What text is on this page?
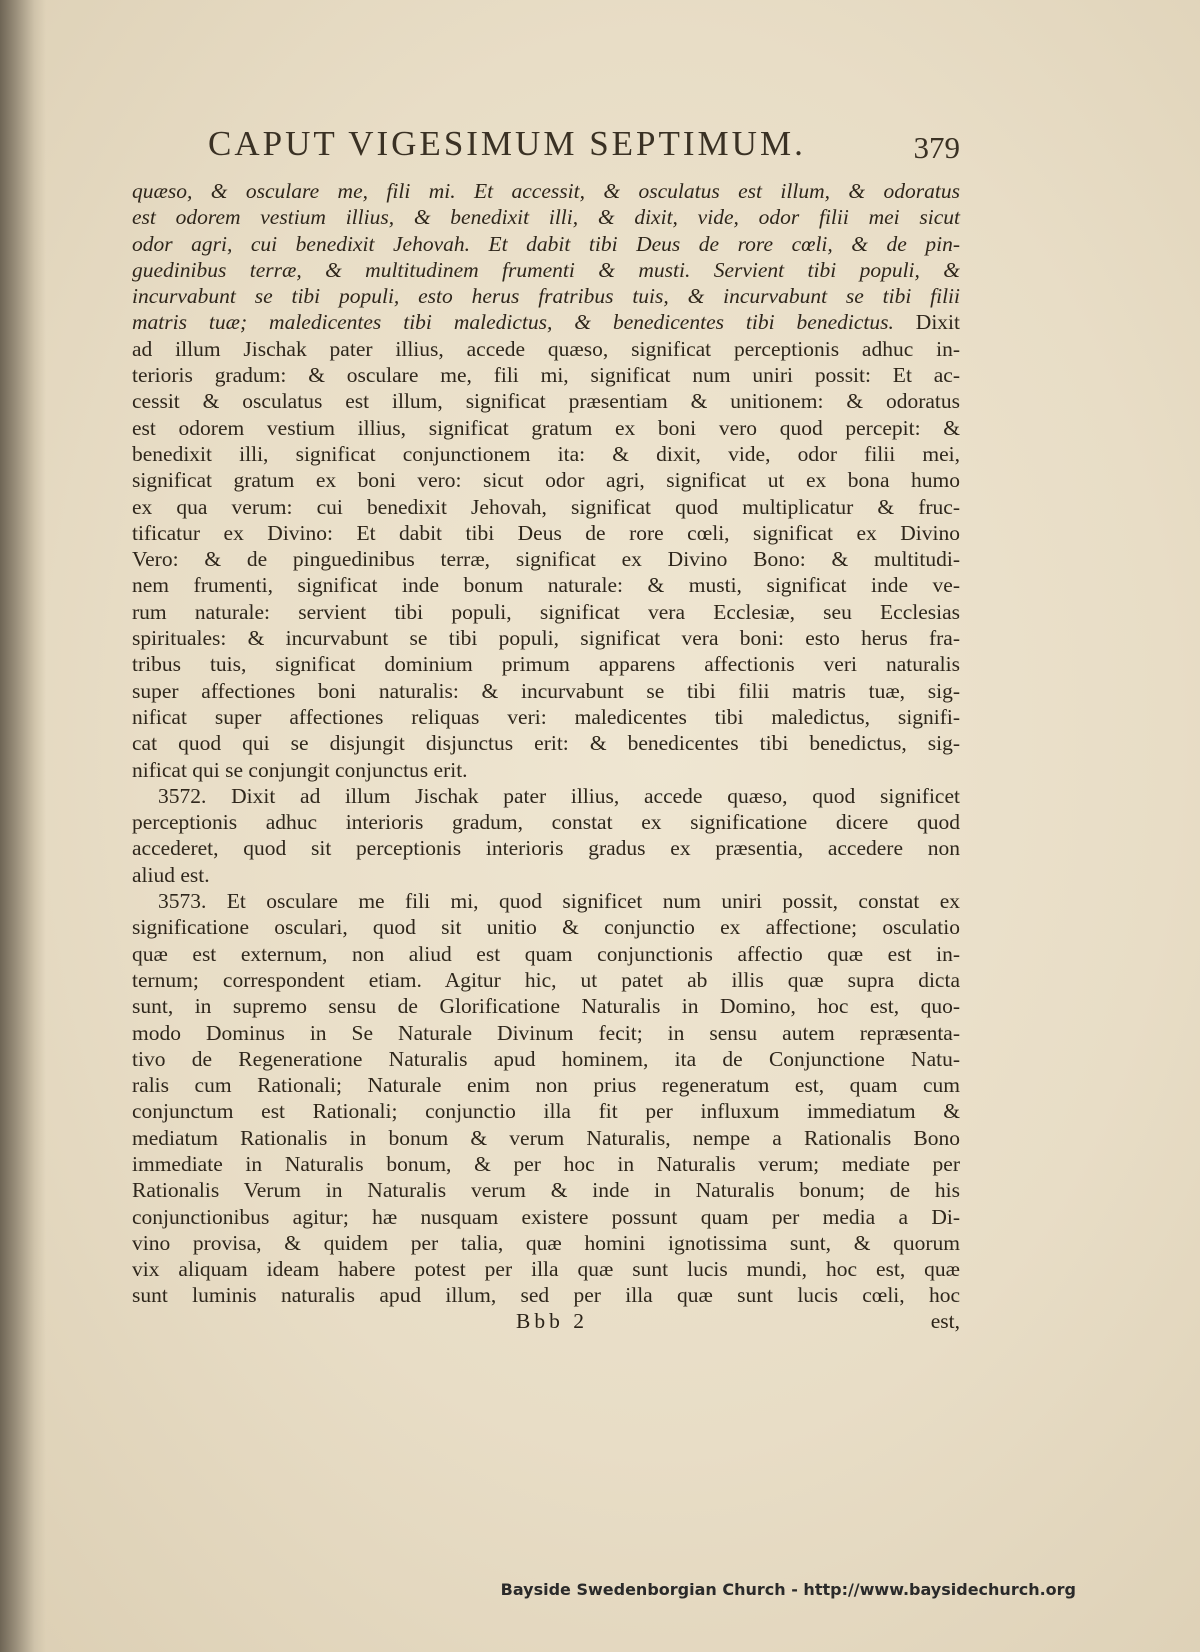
CAPUT VIGESIMUM SEPTIMUM.	379
quæso, & osculare me, fili mi. Et accessit, & osculatus est illum, & odoratus
est odorem vestium illius, & benedixit illi, & dixit, vide, odor filii mei sicut
odor agri, cui benedixit Jehovah. Et dabit tibi Deus de rore cœli, & de pin-
guedinibus terræ, & multitudinem frumenti & musti. Servient tibi populi, &
incurvabunt se tibi populi, esto herus fratribus tuis, & incurvabunt se tibi filii
matris tuæ; maledicentes tibi maledictus, & benedicentes tibi benedictus. Dixit
ad illum Jischak pater illius, accede quæso, significat perceptionis adhuc in-
terioris gradum: & osculare me, fili mi, significat num uniri possit: Et ac-
cessit & osculatus est illum, significat præsentiam & unitionem: & odoratus
est odorem vestium illius, significat gratum ex boni vero quod percepit: &
benedixit illi, significat conjunctionem ita: & dixit, vide, odor filii mei,
significat gratum ex boni vero: sicut odor agri, significat ut ex bona humo
ex qua verum: cui benedixit Jehovah, significat quod multiplicatur & fruc-
tificatur ex Divino: Et dabit tibi Deus de rore cœli, significat ex Divino
Vero: & de pinguedinibus terræ, significat ex Divino Bono: & multitudi-
nem frumenti, significat inde bonum naturale: & musti, significat inde ve-
rum naturale: servient tibi populi, significat vera Ecclesiæ, seu Ecclesias
spirituales: & incurvabunt se tibi populi, significat vera boni: esto herus fra-
tribus tuis, significat dominium primum apparens affectionis veri naturalis
super affectiones boni naturalis: & incurvabunt se tibi filii matris tuæ, sig-
nificat super affectiones reliquas veri: maledicentes tibi maledictus, signifi-
cat quod qui se disjungit disjunctus erit: & benedicentes tibi benedictus, sig-
nificat qui se conjungit conjunctus erit.
3572. Dixit ad illum Jischak pater illius, accede quæso, quod significet
perceptionis adhuc interioris gradum, constat ex significatione dicere quod
accederet, quod sit perceptionis interioris gradus ex præsentia, accedere non
aliud est.
3573. Et osculare me fili mi, quod significet num uniri possit, constat ex
significatione osculari, quod sit unitio & conjunctio ex affectione; osculatio
quæ est externum, non aliud est quam conjunctionis affectio quæ est in-
ternum; correspondent etiam. Agitur hic, ut patet ab illis quæ supra dicta
sunt, in supremo sensu de Glorificatione Naturalis in Domino, hoc est, quo-
modo Dominus in Se Naturale Divinum fecit; in sensu autem repræsenta-
tivo de Regeneratione Naturalis apud hominem, ita de Conjunctione Natu-
ralis cum Rationali; Naturale enim non prius regeneratum est, quam cum
conjunctum est Rationali; conjunctio illa fit per influxum immediatum &
mediatum Rationalis in bonum & verum Naturalis, nempe a Rationalis Bono
immediate in Naturalis bonum, & per hoc in Naturalis verum; mediate per
Rationalis Verum in Naturalis verum & inde in Naturalis bonum; de his
conjunctionibus agitur; hæ nusquam existere possunt quam per media a Di-
vino provisa, & quidem per talia, quæ homini ignotissima sunt, & quorum
vix aliquam ideam habere potest per illa quæ sunt lucis mundi, hoc est, quæ
sunt luminis naturalis apud illum, sed per illa quæ sunt lucis cœli, hoc
Bbb 2	est,
Bayside Swedenborgian Church - http://www.baysidechurch.org
